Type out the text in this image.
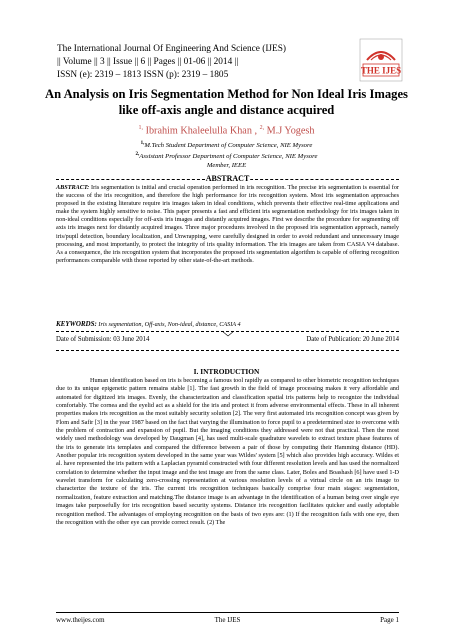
The International Journal Of Engineering And Science (IJES)
|| Volume || 3 || Issue || 6 || Pages || 01-06 || 2014 ||
ISSN (e): 2319 – 1813 ISSN (p): 2319 – 1805	THE IJES
An Analysis on Iris Segmentation Method for Non Ideal Iris Images like off-axis angle and distance acquired
$^{1,}$ Ibrahim Khaleelulla Khan , $^{2,}$ M.J Yogesh
$^{1,}$M.Tech Student Department of Computer Science, NIE Mysore
$^{2,}$Assistant Professor Department of Computer Science, NIE Mysore
Member, IEEE
ABSTRACT
ABSTRACT: Iris segmentation is initial and crucial operation performed in iris recognition. The precise iris segmentation is essential for the success of the iris recognition, and therefore the high performance for iris recognition system. Most iris segmentation approaches proposed in the existing literature require iris images taken in ideal conditions, which prevents their effective real-time applications and make the system highly sensitive to noise. This paper presents a fast and efficient iris segmentation methodology for iris images taken in non-ideal conditions especially for off-axis iris images and distantly acquired images. First we describe the procedure for segmenting off axis iris images next for distantly acquired images. Three major procedures involved in the proposed iris segmentation approach, namely iris/pupil detection, boundary localization, and Unwrapping, were carefully designed in order to avoid redundant and unnecessary image processing, and most importantly, to protect the integrity of iris quality information. The iris images are taken from CASIA V4 database. As a consequence, the iris recognition system that incorporates the proposed iris segmentation algorithm is capable of offering recognition performances comparable with those reported by other state-of-the-art methods.
KEYWORDS: Iris segmentation, Off-axis, Non-ideal, distance, CASIA 4
Date of Submission: 03 June 2014	Date of Publication: 20 June 2014
I. INTRODUCTION

Human identification based on iris is becoming a famous tool rapidly as compared to other biometric recognition techniques due to its unique epigenetic pattern remains stable [1]. The fast growth in the field of image processing makes it very affordable and automated for digitized iris images. Evenly, the characterization and classification spatial iris patterns help to recognize the individual comfortably. The cornea and the eyelid act as a shield for the iris and protect it from adverse environmental effects. These in all inherent properties makes iris recognition as the most suitably security solution [2]. The very first automated iris recognition concept was given by Flom and Safir [3] in the year 1987 based on the fact that varying the illumination to force pupil to a predetermined size to overcome with the problem of contraction and expansion of pupil. But the imaging conditions they addressed were not that practical. Then the most widely used methodology was developed by Daugman [4], has used multi-scale quadrature wavelets to extract texture phase features of the iris to generate iris templates and compared the difference between a pair of those by computing their Hamming distance (HD). Another popular iris recognition system developed in the same year was Wildes' system [5] which also provides high accuracy. Wildes et al. have represented the iris pattern with a Laplacian pyramid constructed with four different resolution levels and has used the normalized correlation to determine whether the input image and the test image are from the same class. Later, Boles and Boashash [6] have used 1-D wavelet transform for calculating zero-crossing representation at various resolution levels of a virtual circle on an iris image to characterize the texture of the iris. The current iris recognition techniques basically comprise four main stages: segmentation, normalization, feature extraction and matching.The distance image is an advantage in the identification of a human being over single eye images take purposefully for iris recognition based security systems. Distance iris recognition facilitates quicker and easily adoptable recognition method. The advantages of employing recognition on the basis of two eyes are: (1) If the recognition fails with one eye, then the recognition with the other eye can provide correct result. (2) The

www.theijes.com	The IJES	Page 1
